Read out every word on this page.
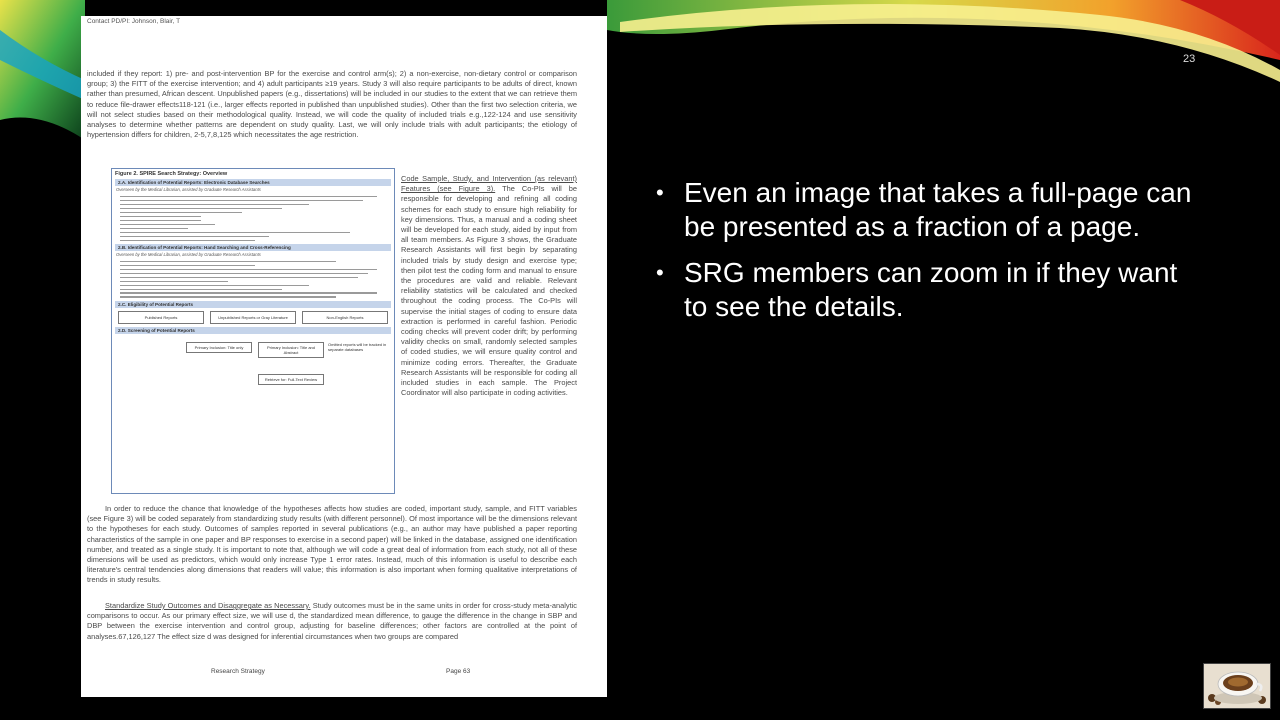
Contact PD/PI: Johnson, Blair, T

included if they report: 1) pre- and post-intervention BP for the exercise and control arm(s); 2) a non-exercise, non-dietary control or comparison group; 3) the FITT of the exercise intervention; and 4) adult participants ≥19 years. Study 3 will also require participants to be adults of direct, known rather than presumed, African descent. Unpublished papers (e.g., dissertations) will be included in our studies to the extent that we can retrieve them to reduce file-drawer effects118-121 (i.e., larger effects reported in published than unpublished studies). Other than the first two selection criteria, we will not select studies based on their methodological quality. Instead, we will code the quality of included trials e.g.,122-124 and use sensitivity analyses to determine whether patterns are dependent on study quality. Last, we will only include trials with adult participants; the etiology of hypertension differs for children, 2-5,7,8,125 which necessitates the age restriction.

Figure 2. SPIRE Search Strategy: Overview
2.A. Identification of Potential Reports: Electronic Database Searches
Overseen by the Medical Librarian, assisted by Graduate Research Assistants
2.B. Identification of Potential Reports: Hand Searching and Cross-Referencing
Overseen by the Medical Librarian, assisted by Graduate Research Assistants
2.C. Eligibility of Potential Reports
Published Reports	Unpublished Reports or Gray Literature	Non-English Reports
2.D. Screening of Potential Reports
Primary Inclusion: Title only	Primary Inclusion: Title and Abstract
Retrieve for: Full-Text Review
Omitted reports will be tracked in separate databases

Code Sample, Study, and Intervention (as relevant) Features (see Figure 3). The Co-PIs will be responsible for developing and refining all coding schemes for each study to ensure high reliability for key dimensions. Thus, a manual and a coding sheet will be developed for each study, aided by input from all team members. As Figure 3 shows, the Graduate Research Assistants will first begin by separating included trials by study design and exercise type; then pilot test the coding form and manual to ensure the procedures are valid and reliable. Relevant reliability statistics will be calculated and checked throughout the coding process. The Co-PIs will supervise the initial stages of coding to ensure data extraction is performed in careful fashion. Periodic coding checks will prevent coder drift; by performing validity checks on small, randomly selected samples of coded studies, we will ensure quality control and minimize coding errors. Thereafter, the Graduate Research Assistants will be responsible for coding all included studies in each sample. The Project Coordinator will also participate in coding activities.

In order to reduce the chance that knowledge of the hypotheses affects how studies are coded, important study, sample, and FITT variables (see Figure 3) will be coded separately from standardizing study results (with different personnel). Of most importance will be the dimensions relevant to the hypotheses for each study. Outcomes of samples reported in several publications (e.g., an author may have published a paper reporting characteristics of the sample in one paper and BP responses to exercise in a second paper) will be linked in the database, assigned one identification number, and treated as a single study. It is important to note that, although we will code a great deal of information from each study, not all of these dimensions will be used as predictors, which would only increase Type 1 error rates. Instead, much of this information is useful to describe each literature's central tendencies along dimensions that readers will value; this information is also important when forming qualitative interpretations of trends in study results.

Standardize Study Outcomes and Disaggregate as Necessary. Study outcomes must be in the same units in order for cross-study meta-analytic comparisons to occur. As our primary effect size, we will use d, the standardized mean difference, to gauge the difference in the change in SBP and DBP between the exercise intervention and control group, adjusting for baseline differences; other factors are controlled at the point of analyses.67,126,127 The effect size d was designed for inferential circumstances when two groups are compared

Research Strategy	Page 63
23
• Even an image that takes a full-page can be presented as a fraction of a page.
• SRG members can zoom in if they want to see the details.
